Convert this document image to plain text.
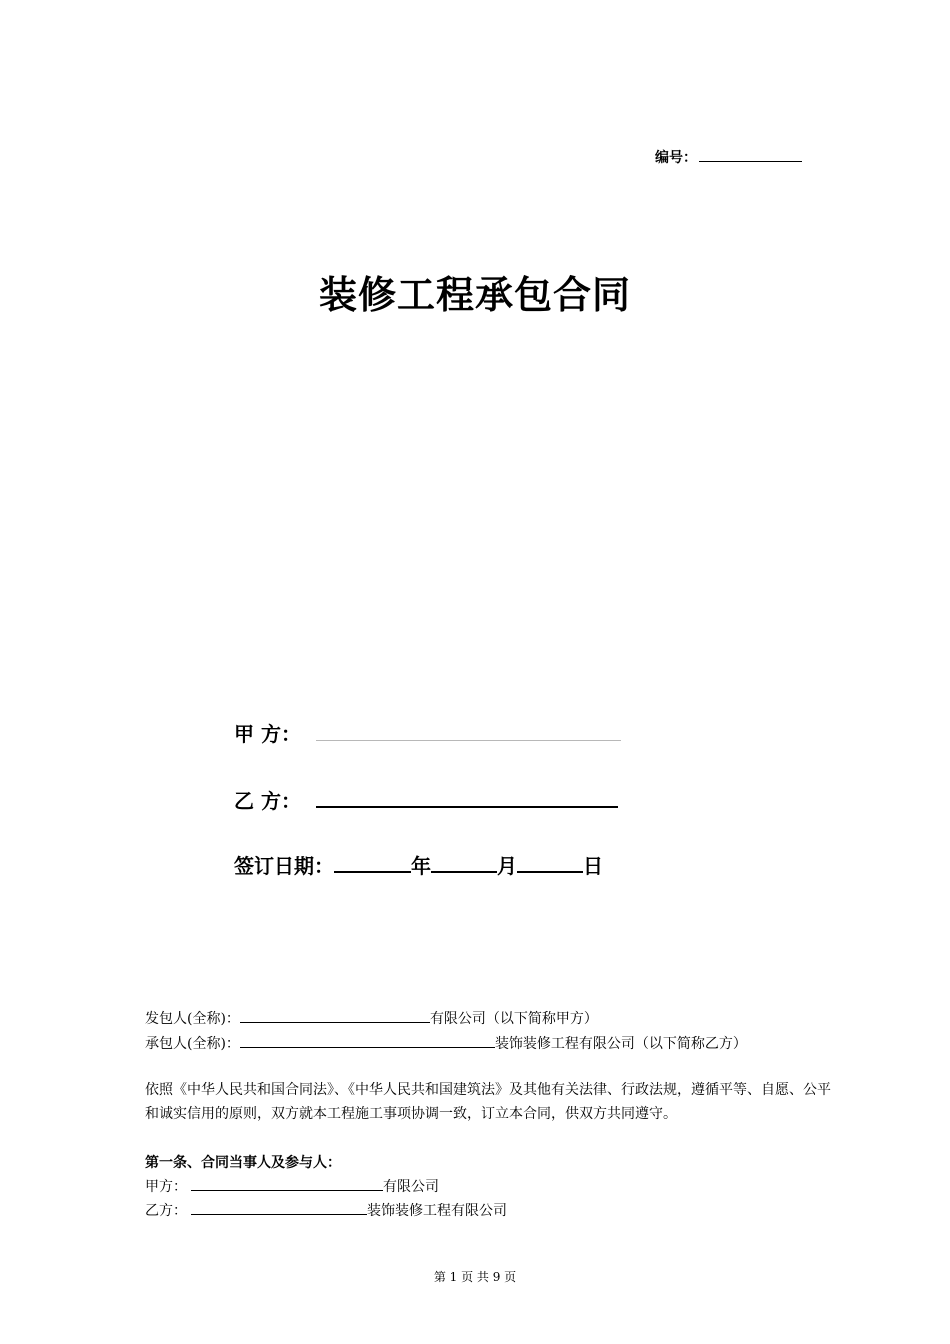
编号：
装修工程承包合同
甲 方：
乙 方：
签订日期：	年	月	日
发包人(全称)：	有限公司（以下简称甲方）
承包人(全称)：	装饰装修工程有限公司（以下简称乙方）
依照《中华人民共和国合同法》、《中华人民共和国建筑法》及其他有关法律、行政法规，遵循平等、自愿、公平和诚实信用的原则，双方就本工程施工事项协调一致，订立本合同，供双方共同遵守。
第一条、合同当事人及参与人：
甲方：	有限公司
乙方：	装饰装修工程有限公司
第 1 页 共 9 页
